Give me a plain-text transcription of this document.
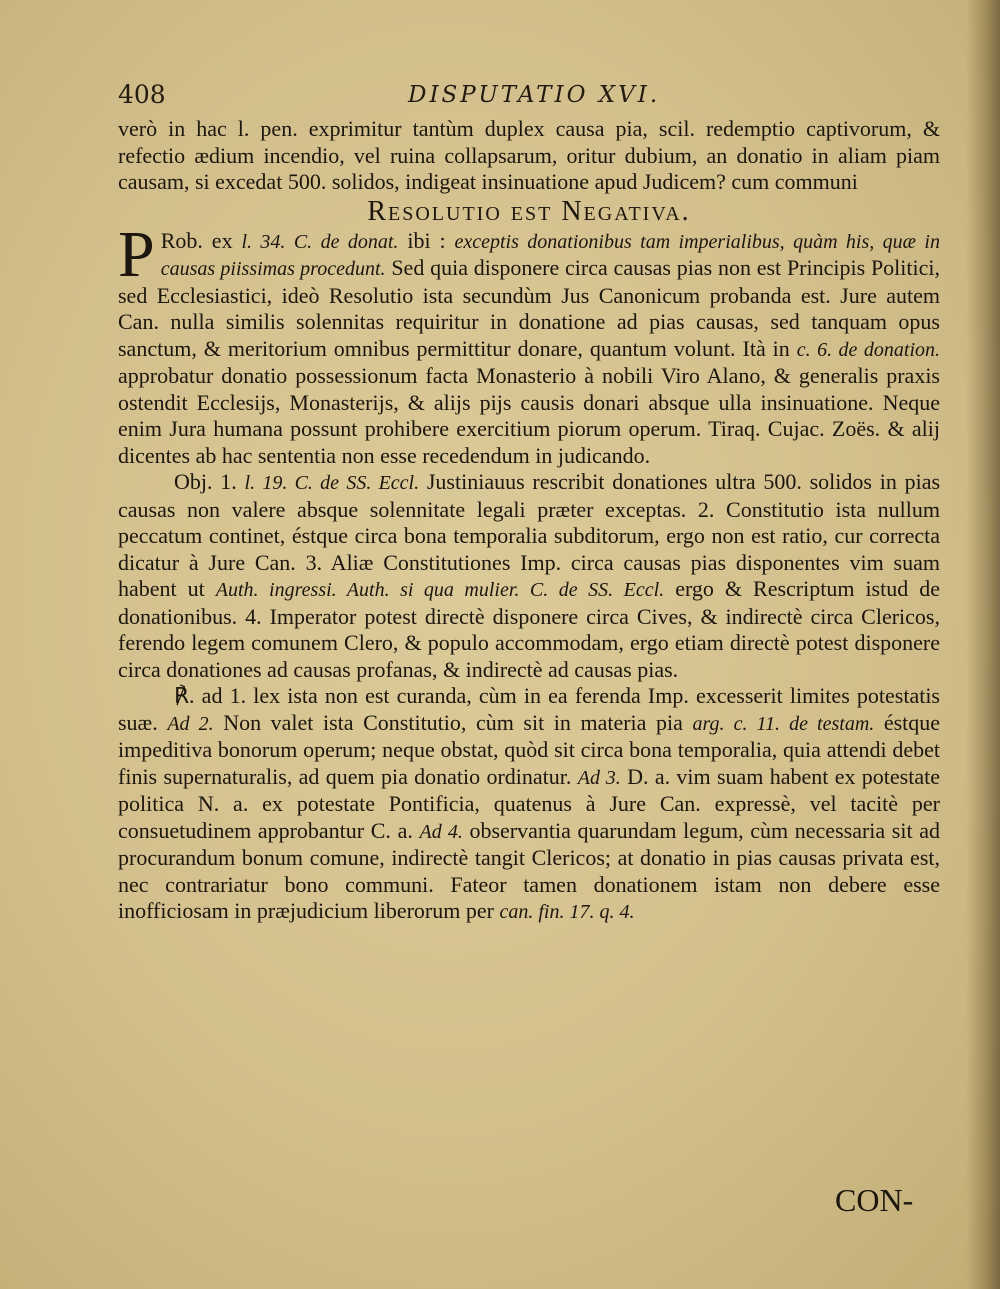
408	DISPUTATIO XVI.

verò in hac l. pen. exprimitur tantùm duplex causa pia, scil. redemptio captivorum, & refectio ædium incendio, vel ruina collapsarum, oritur dubium, an donatio in aliam piam causam, si excedat 500. solidos, indigeat insinuatione apud Judicem? cum communi

Resolutio est Negativa.

P Rob. ex l. 34. C. de donat. ibi : exceptis donationibus tam imperialibus, quàm his, quæ in causas piissimas procedunt. Sed quia disponere circa causas pias non est Principis Politici, sed Ecclesiastici, ideò Resolutio ista secundùm Jus Canonicum probanda est. Jure autem Can. nulla similis solennitas requiritur in donatione ad pias causas, sed tanquam opus sanctum, & meritorium omnibus permittitur donare, quantum volunt. Ità in c. 6. de donation. approbatur donatio possessionum facta Monasterio à nobili Viro Alano, & generalis praxis ostendit Ecclesijs, Monasterijs, & alijs pijs causis donari absque ulla insinuatione. Neque enim Jura humana possunt prohibere exercitium piorum operum. Tiraq. Cujac. Zoës. & alij dicentes ab hac sententia non esse recedendum in judicando.

Obj. 1. l. 19. C. de SS. Eccl. Justiniauus rescribit donationes ultra 500. solidos in pias causas non valere absque solennitate legali præter exceptas. 2. Constitutio ista nullum peccatum continet, éstque circa bona temporalia subditorum, ergo non est ratio, cur correcta dicatur à Jure Can. 3. Aliæ Constitutiones Imp. circa causas pias disponentes vim suam habent ut Auth. ingressi. Auth. si qua mulier. C. de SS. Eccl. ergo & Rescriptum istud de donationibus. 4. Imperator potest directè disponere circa Cives, & indirectè circa Clericos, ferendo legem comunem Clero, & populo accommodam, ergo etiam directè potest disponere circa donationes ad causas profanas, & indirectè ad causas pias.

℟. ad 1. lex ista non est curanda, cùm in ea ferenda Imp. excesserit limites potestatis suæ. Ad 2. Non valet ista Constitutio, cùm sit in materia pia arg. c. 11. de testam. éstque impeditiva bonorum operum; neque obstat, quòd sit circa bona temporalia, quia attendi debet finis supernaturalis, ad quem pia donatio ordinatur. Ad 3. D. a. vim suam habent ex potestate politica N. a. ex potestate Pontificia, quatenus à Jure Can. expressè, vel tacitè per consuetudinem approbantur C. a. Ad 4. observantia quarundam legum, cùm necessaria sit ad procurandum bonum comune, indirectè tangit Clericos; at donatio in pias causas privata est, nec contrariatur bono communi. Fateor tamen donationem istam non debere esse inofficiosam in præjudicium liberorum per can. fin. 17. q. 4.

CON-
